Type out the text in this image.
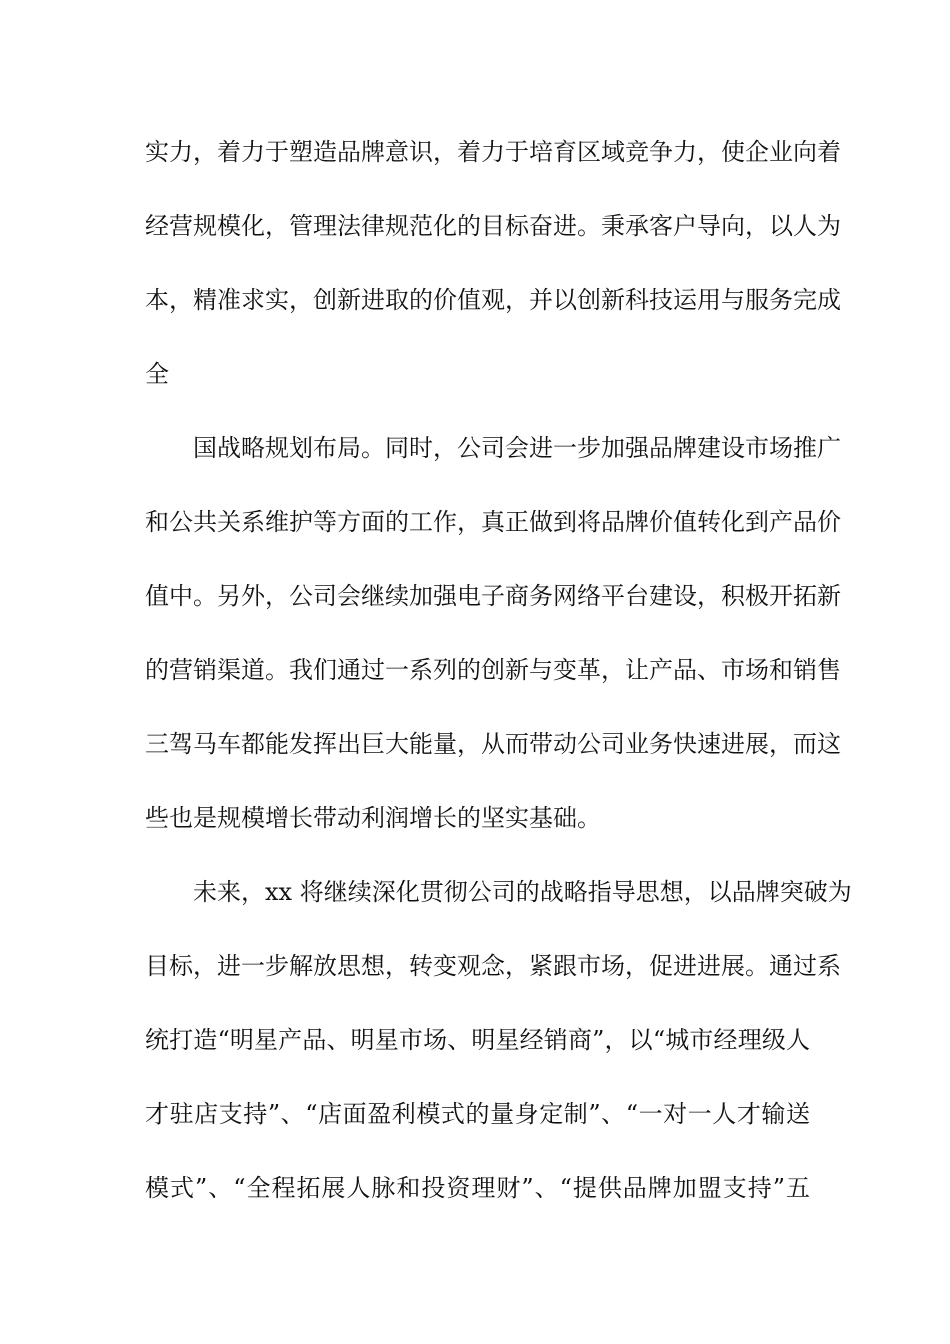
实力，着力于塑造品牌意识，着力于培育区域竞争力，使企业向着
经营规模化，管理法律规范化的目标奋进。秉承客户导向，以人为
本，精准求实，创新进取的价值观，并以创新科技运用与服务完成
全
国战略规划布局。同时，公司会进一步加强品牌建设市场推广
和公共关系维护等方面的工作，真正做到将品牌价值转化到产品价
值中。另外，公司会继续加强电子商务网络平台建设，积极开拓新
的营销渠道。我们通过一系列的创新与变革，让产品、市场和销售
三驾马车都能发挥出巨大能量，从而带动公司业务快速进展，而这
些也是规模增长带动利润增长的坚实基础。
未来，xx 将继续深化贯彻公司的战略指导思想，以品牌突破为
目标，进一步解放思想，转变观念，紧跟市场，促进进展。通过系
统打造“明星产品、明星市场、明星经销商”，以“城市经理级人
才驻店支持”、“店面盈利模式的量身定制”、“一对一人才输送
模式”、“全程拓展人脉和投资理财”、“提供品牌加盟支持”五
